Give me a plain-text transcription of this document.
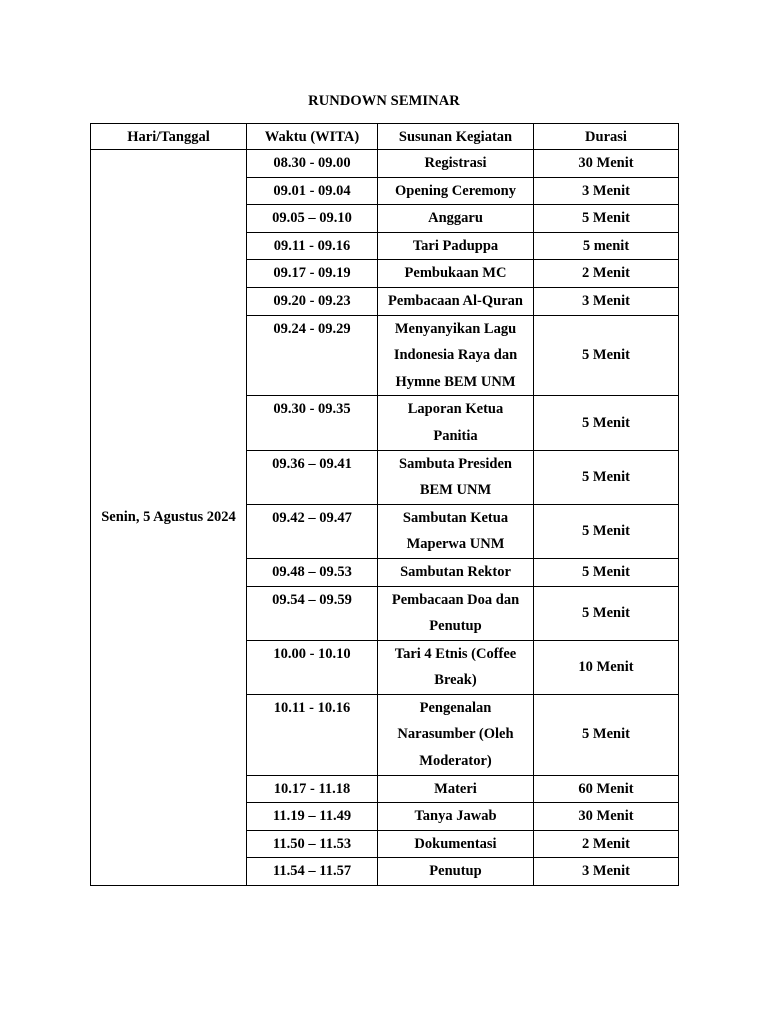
RUNDOWN SEMINAR
Hari/Tanggal	Waktu (WITA)	Susunan Kegiatan	Durasi
Senin, 5 Agustus 2024	08.30 - 09.00	Registrasi	30 Menit
	09.01 - 09.04	Opening Ceremony	3 Menit
	09.05 – 09.10	Anggaru	5 Menit
	09.11 - 09.16	Tari Paduppa	5 menit
	09.17 - 09.19	Pembukaan MC	2 Menit
	09.20 - 09.23	Pembacaan Al-Quran	3 Menit
	09.24 - 09.29	Menyanyikan Lagu Indonesia Raya dan Hymne BEM UNM	5 Menit
	09.30 - 09.35	Laporan Ketua Panitia	5 Menit
	09.36 – 09.41	Sambuta Presiden BEM UNM	5 Menit
	09.42 – 09.47	Sambutan Ketua Maperwa UNM	5 Menit
	09.48 – 09.53	Sambutan Rektor	5 Menit
	09.54 – 09.59	Pembacaan Doa dan Penutup	5 Menit
	10.00 - 10.10	Tari 4 Etnis (Coffee Break)	10 Menit
	10.11 - 10.16	Pengenalan Narasumber (Oleh Moderator)	5 Menit
	10.17 - 11.18	Materi	60 Menit
	11.19 – 11.49	Tanya Jawab	30 Menit
	11.50 – 11.53	Dokumentasi	2 Menit
	11.54 – 11.57	Penutup	3 Menit
